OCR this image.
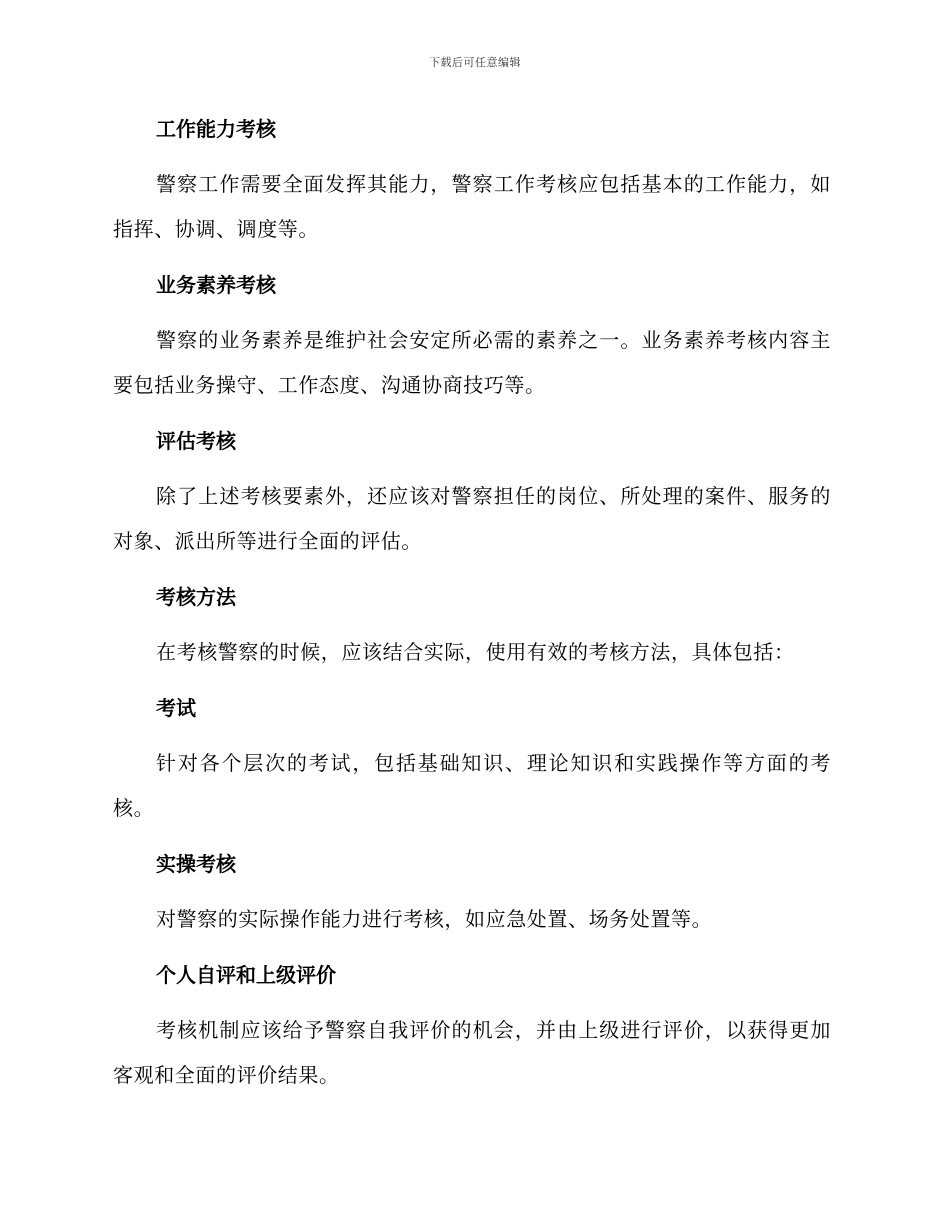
下载后可任意编辑
工作能力考核

警察工作需要全面发挥其能力，警察工作考核应包括基本的工作能力，如指挥、协调、调度等。

业务素养考核

警察的业务素养是维护社会安定所必需的素养之一。业务素养考核内容主要包括业务操守、工作态度、沟通协商技巧等。

评估考核

除了上述考核要素外，还应该对警察担任的岗位、所处理的案件、服务的对象、派出所等进行全面的评估。

考核方法

在考核警察的时候，应该结合实际，使用有效的考核方法，具体包括：

考试

针对各个层次的考试，包括基础知识、理论知识和实践操作等方面的考核。

实操考核

对警察的实际操作能力进行考核，如应急处置、场务处置等。

个人自评和上级评价

考核机制应该给予警察自我评价的机会，并由上级进行评价，以获得更加客观和全面的评价结果。
